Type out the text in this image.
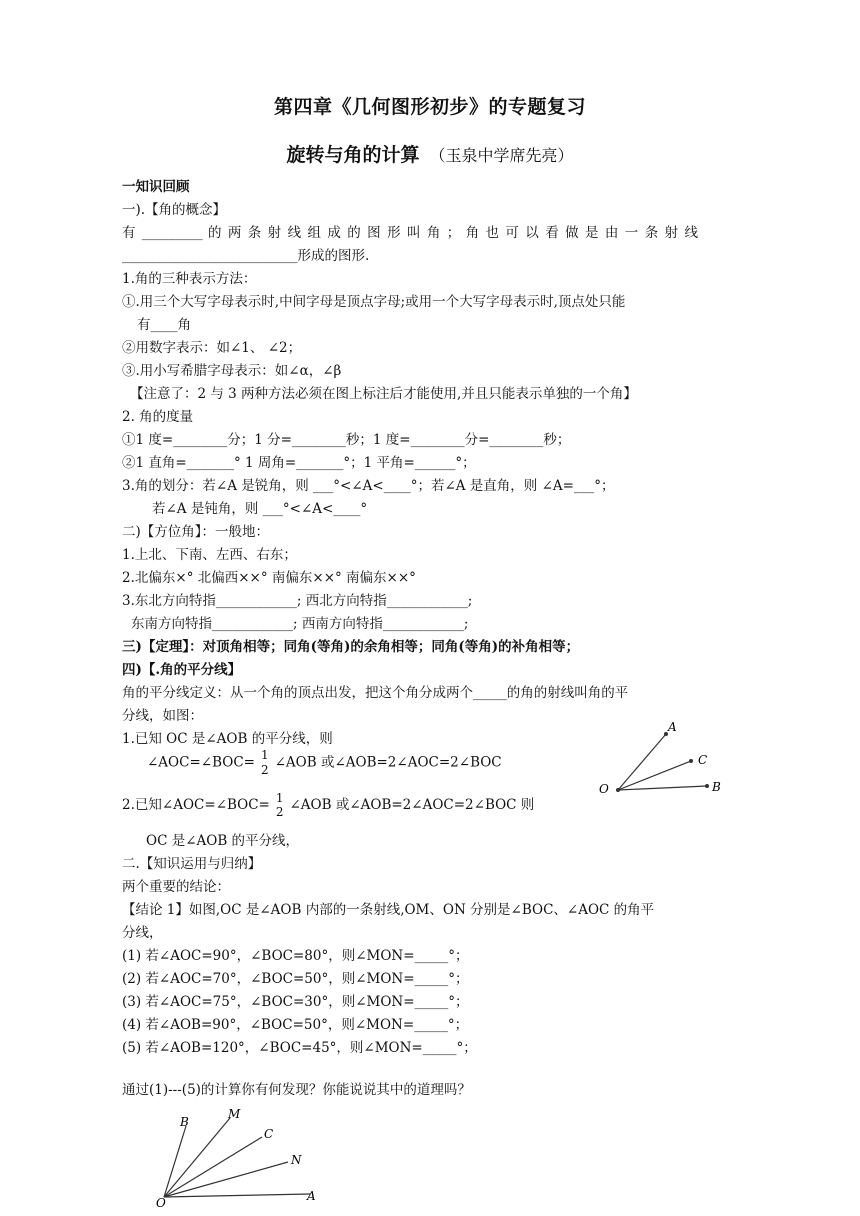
第四章《几何图形初步》的专题复习
旋转与角的计算 （玉泉中学席先亮）
一知识回顾
一).【角的概念】
有 _________ 的 两 条 射 线 组 成 的 图 形 叫 角 ； 角 也 可 以 看 做 是 由 一 条 射 线
__________________________形成的图形.
1.角的三种表示方法：
①.用三个大写字母表示时,中间字母是顶点字母;或用一个大写字母表示时,顶点处只能
有____角
②用数字表示：如∠1、 ∠2；
③.用小写希腊字母表示：如∠α，∠β
【注意了：2 与 3 两种方法必须在图上标注后才能使用,并且只能表示单独的一个角】
2. 角的度量
①1 度=________分；1 分=________秒；1 度=________分=________秒；
②1 直角=_______° 1 周角=_______°；1 平角=______°；
3.角的划分：若∠A 是锐角，则 ___°<∠A<____°；若∠A 是直角，则 ∠A=___°；
若∠A 是钝角，则 ___°<∠A<____°
二)【方位角】：一般地：
1.上北、下南、左西、右东；
2.北偏东×° 北偏西××° 南偏东××° 南偏东××°
3.东北方向特指____________; 西北方向特指____________;
东南方向特指____________; 西南方向特指____________;
三)【定理】：对顶角相等；同角(等角)的余角相等；同角(等角)的补角相等；
四)【.角的平分线】
角的平分线定义：从一个角的顶点出发，把这个角分成两个_____的角的射线叫角的平
分线，如图：
1.已知 OC 是∠AOB 的平分线，则
∠AOC=∠BOC= 1
2 ∠AOB 或∠AOB=2∠AOC=2∠BOC
2.已知∠AOC=∠BOC= 1
2 ∠AOB 或∠AOB=2∠AOC=2∠BOC 则
OC 是∠AOB 的平分线，
二.【知识运用与归纳】
两个重要的结论：
【结论 1】如图,OC 是∠AOB 内部的一条射线,OM、ON 分别是∠BOC、∠AOC 的角平
分线，
(1) 若∠AOC=90°，∠BOC=80°，则∠MON=_____°；
(2) 若∠AOC=70°，∠BOC=50°，则∠MON=_____°；
(3) 若∠AOC=75°，∠BOC=30°，则∠MON=_____°；
(4) 若∠AOB=90°，∠BOC=50°，则∠MON=_____°；
(5) 若∠AOB=120°，∠BOC=45°，则∠MON=_____°；
通过(1)---(5)的计算你有何发现？你能说说其中的道理吗？
A
C
B
O
B
M
C
N
A
O
